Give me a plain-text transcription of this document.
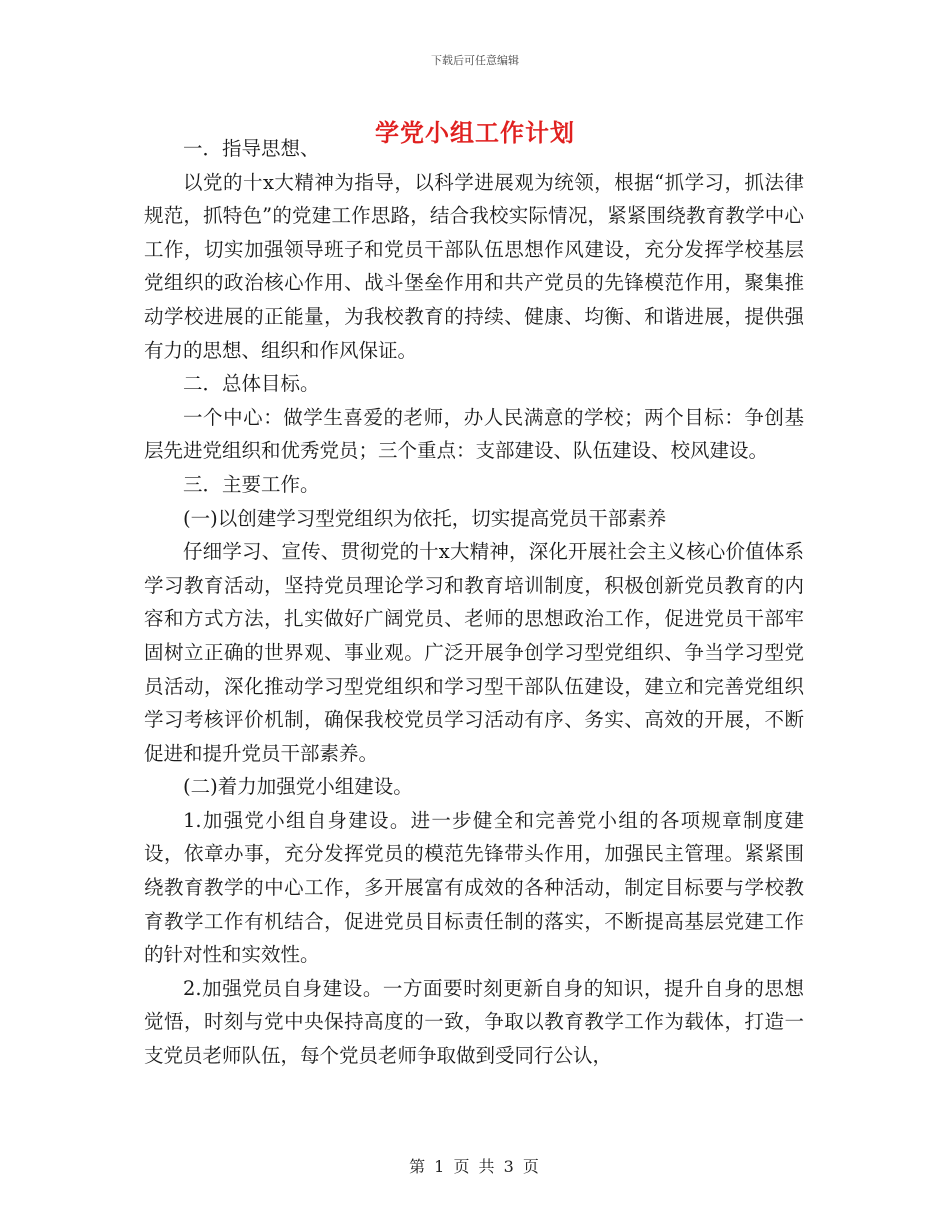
下载后可任意编辑
学党小组工作计划

一．指导思想、

以党的十x大精神为指导，以科学进展观为统领，根据“抓学习，抓法律规范，抓特色”的党建工作思路，结合我校实际情况，紧紧围绕教育教学中心工作，切实加强领导班子和党员干部队伍思想作风建设，充分发挥学校基层党组织的政治核心作用、战斗堡垒作用和共产党员的先锋模范作用，聚集推动学校进展的正能量，为我校教育的持续、健康、均衡、和谐进展，提供强有力的思想、组织和作风保证。

二．总体目标。

一个中心：做学生喜爱的老师，办人民满意的学校；两个目标：争创基层先进党组织和优秀党员；三个重点：支部建设、队伍建设、校风建设。

三．主要工作。

(一)以创建学习型党组织为依托，切实提高党员干部素养

仔细学习、宣传、贯彻党的十x大精神，深化开展社会主义核心价值体系学习教育活动，坚持党员理论学习和教育培训制度，积极创新党员教育的内容和方式方法，扎实做好广阔党员、老师的思想政治工作，促进党员干部牢固树立正确的世界观、事业观。广泛开展争创学习型党组织、争当学习型党员活动，深化推动学习型党组织和学习型干部队伍建设，建立和完善党组织学习考核评价机制，确保我校党员学习活动有序、务实、高效的开展，不断促进和提升党员干部素养。

(二)着力加强党小组建设。

1.加强党小组自身建设。进一步健全和完善党小组的各项规章制度建设，依章办事，充分发挥党员的模范先锋带头作用，加强民主管理。紧紧围绕教育教学的中心工作，多开展富有成效的各种活动，制定目标要与学校教育教学工作有机结合，促进党员目标责任制的落实，不断提高基层党建工作的针对性和实效性。

2.加强党员自身建设。一方面要时刻更新自身的知识，提升自身的思想觉悟，时刻与党中央保持高度的一致，争取以教育教学工作为载体，打造一支党员老师队伍，每个党员老师争取做到受同行公认，

第 1 页 共 3 页
